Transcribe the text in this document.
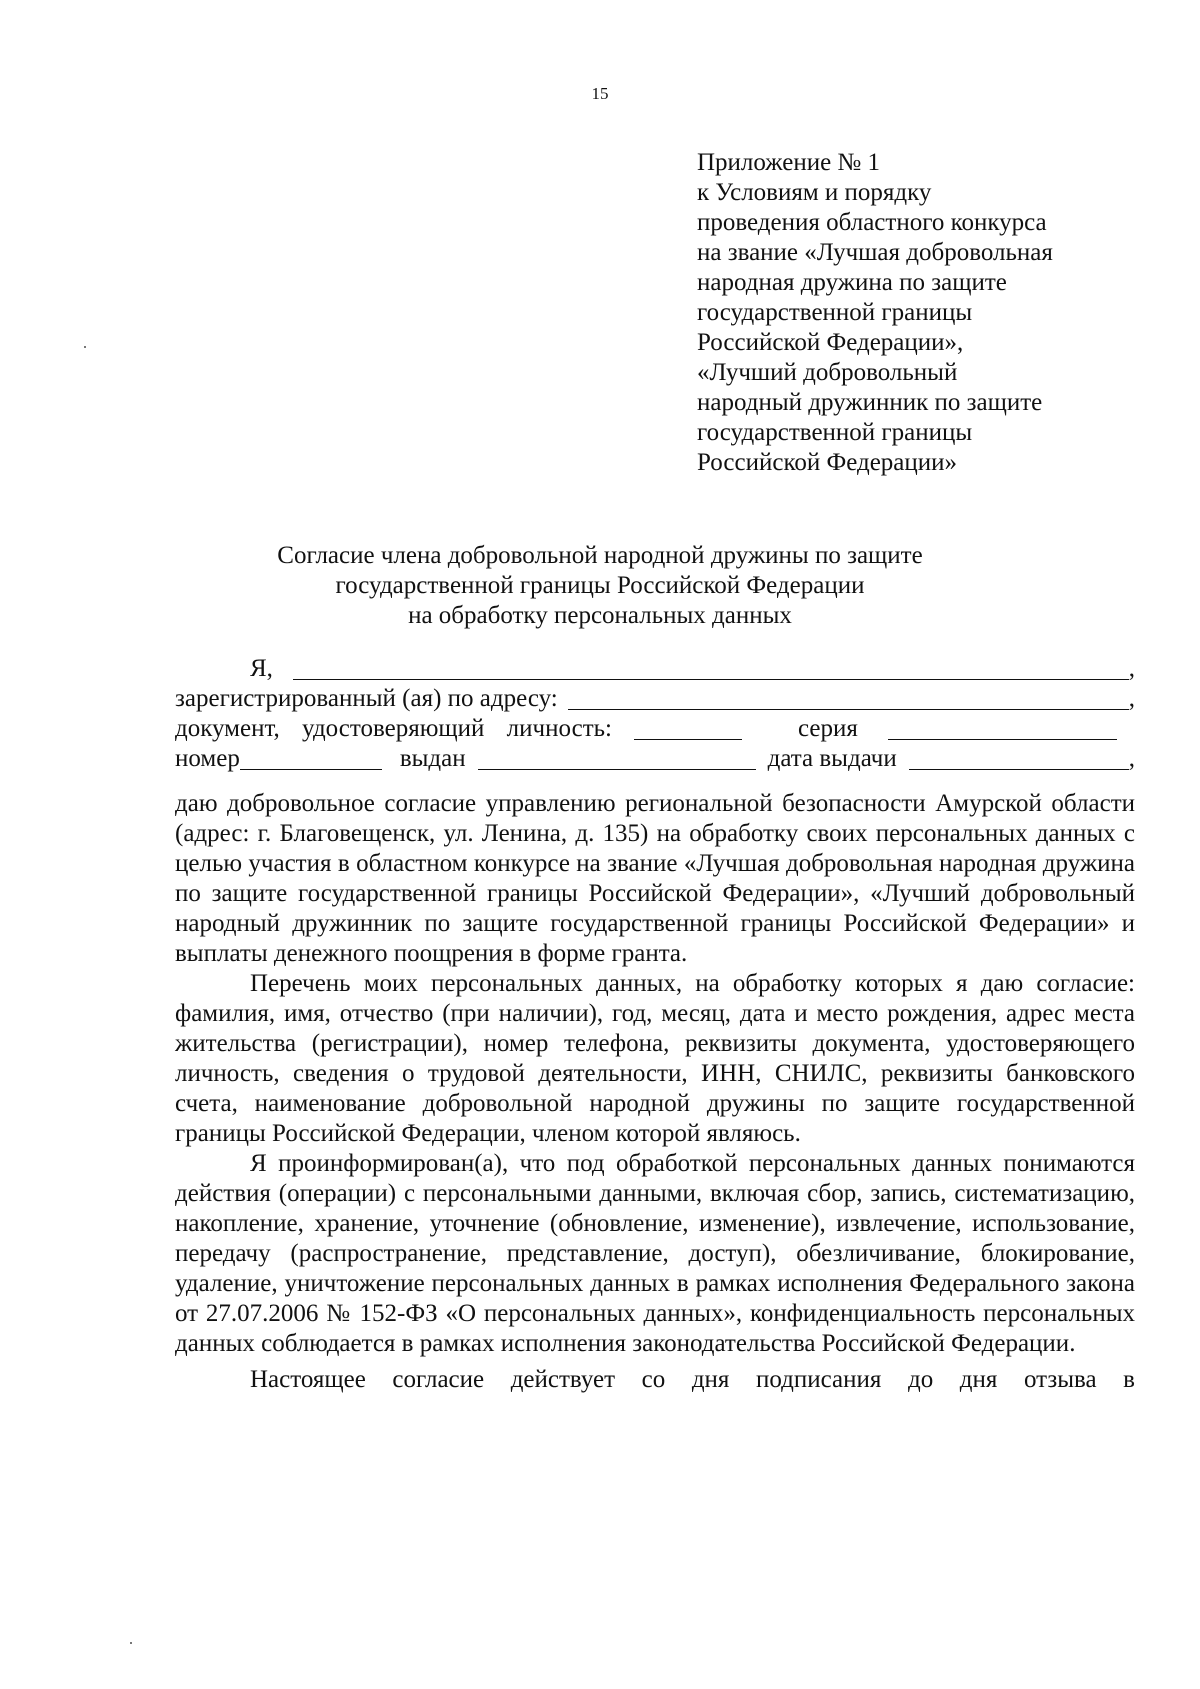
15
Приложение № 1
к Условиям и порядку
проведения областного конкурса
на звание «Лучшая добровольная
народная дружина по защите
государственной границы
Российской Федерации»,
«Лучший добровольный
народный дружинник по защите
государственной границы
Российской Федерации»
Согласие члена добровольной народной дружины по защите
государственной границы Российской Федерации
на обработку персональных данных
Я,	,
зарегистрированный (ая) по адресу:	,
документ, удостоверяющий личность:	серия
номер	выдан	дата выдачи	,

даю добровольное согласие управлению региональной безопасности Амурской области (адрес: г. Благовещенск, ул. Ленина, д. 135) на обработку своих персональных данных с целью участия в областном конкурсе на звание «Лучшая добровольная народная дружина по защите государственной границы Российской Федерации», «Лучший добровольный народный дружинник по защите государственной границы Российской Федерации» и выплаты денежного поощрения в форме гранта.

Перечень моих персональных данных, на обработку которых я даю согласие: фамилия, имя, отчество (при наличии), год, месяц, дата и место рождения, адрес места жительства (регистрации), номер телефона, реквизиты документа, удостоверяющего личность, сведения о трудовой деятельности, ИНН, СНИЛС, реквизиты банковского счета, наименование добровольной народной дружины по защите государственной границы Российской Федерации, членом которой являюсь.

Я проинформирован(а), что под обработкой персональных данных понимаются действия (операции) с персональными данными, включая сбор, запись, систематизацию, накопление, хранение, уточнение (обновление, изменение), извлечение, использование, передачу (распространение, представление, доступ), обезличивание, блокирование, удаление, уничтожение персональных данных в рамках исполнения Федерального закона от 27.07.2006 № 152-ФЗ «О персональных данных», конфиденциальность персональных данных соблюдается в рамках исполнения законодательства Российской Федерации.

Настоящее согласие действует со дня подписания до дня отзыва в
